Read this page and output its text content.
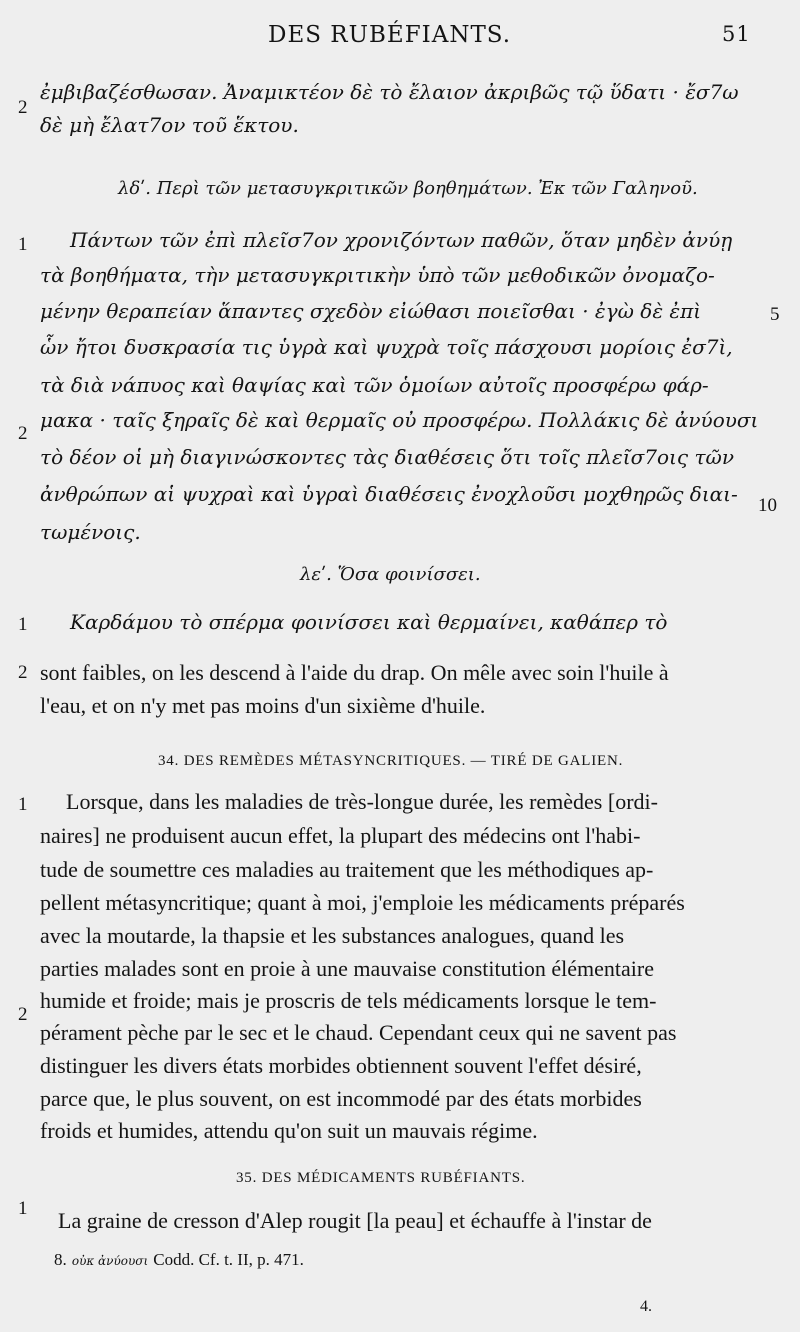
DES RUBÉFIANTS.	51
2
ἐμβιβαζέσθωσαν. Ἀναμικτέον δὲ τὸ ἔλαιον ἀκριβῶς τῷ ὕδατι · ἔσ7ω
δὲ μὴ ἔλατ7ον τοῦ ἕκτου.
λδʹ. Περὶ τῶν μετασυγκριτικῶν βοηθημάτων. Ἐκ τῶν Γαληνοῦ.
1 Πάντων τῶν ἐπὶ πλεῖσ7ον χρονιζόντων παθῶν, ὅταν μηδὲν ἀνύῃ
τὰ βοηθήματα, τὴν μετασυγκριτικὴν ὑπὸ τῶν μεθοδικῶν ὀνομαζο-
μένην θεραπείαν ἅπαντες σχεδὸν εἰώθασι ποιεῖσθαι · ἐγὼ δὲ ἐπὶ	5
ὧν ἤτοι δυσκρασία τις ὑγρὰ καὶ ψυχρὰ τοῖς πάσχουσι μορίοις ἐσ7ὶ,
τὰ διὰ νάπυος καὶ θαψίας καὶ τῶν ὁμοίων αὐτοῖς προσφέρω φάρ-
2
μακα · ταῖς ξηραῖς δὲ καὶ θερμαῖς οὐ προσφέρω. Πολλάκις δὲ ἀνύουσι
τὸ δέον οἱ μὴ διαγινώσκοντες τὰς διαθέσεις ὅτι τοῖς πλεῖσ7οις τῶν
ἀνθρώπων αἱ ψυχραὶ καὶ ὑγραὶ διαθέσεις ἐνοχλοῦσι μοχθηρῶς διαι- 10
τωμένοις.
λεʹ. Ὅσα φοινίσσει.
1 Καρδάμου τὸ σπέρμα φοινίσσει καὶ θερμαίνει, καθάπερ τὸ
2 sont faibles, on les descend à l'aide du drap. On mêle avec soin l'huile à
l'eau, et on n'y met pas moins d'un sixième d'huile.
34. DES REMÈDES MÉTASYNCRITIQUES. — TIRÉ DE GALIEN.
1 Lorsque, dans les maladies de très-longue durée, les remèdes [ordi-
naires] ne produisent aucun effet, la plupart des médecins ont l'habi-
tude de soumettre ces maladies au traitement que les méthodiques ap-
pellent métasyncritique; quant à moi, j'emploie les médicaments préparés
avec la moutarde, la thapsie et les substances analogues, quand les
parties malades sont en proie à une mauvaise constitution élémentaire
humide et froide; mais je proscris de tels médicaments lorsque le tem-
2
pérament pèche par le sec et le chaud. Cependant ceux qui ne savent pas
distinguer les divers états morbides obtiennent souvent l'effet désiré,
parce que, le plus souvent, on est incommodé par des états morbides
froids et humides, attendu qu'on suit un mauvais régime.
35. DES MÉDICAMENTS RUBÉFIANTS.
1 La graine de cresson d'Alep rougit [la peau] et échauffe à l'instar de
8. οὐκ ἀνύουσι Codd. Cf. t. II, p. 471.
4.
